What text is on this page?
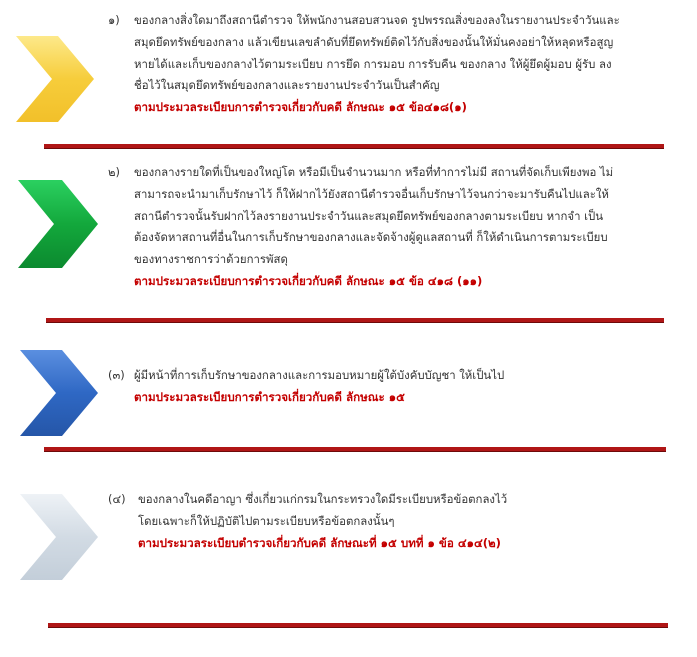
๑) ของกลางสิ่งใดมาถึงสถานีตำรวจ ให้พนักงานสอบสวนจด รูปพรรณสิ่งของลงในรายงานประจำวันและ
สมุดยึดทรัพย์ของกลาง แล้วเขียนเลขลำดับที่ยึดทรัพย์ติดไว้กับสิ่งของนั้นให้มั่นคงอย่าให้หลุดหรือสูญ
หายได้และเก็บของกลางไว้ตามระเบียบ การยึด การมอบ การรับคืน ของกลาง ให้ผู้ยึดผู้มอบ ผู้รับ ลง
ชื่อไว้ในสมุดยึดทรัพย์ของกลางและรายงานประจำวันเป็นสำคัญ
ตามประมวลระเบียบการตำรวจเกี่ยวกับคดี ลักษณะ ๑๕ ข้อ๔๑๘(๑)
๒) ของกลางรายใดที่เป็นของใหญ่โต หรือมีเป็นจำนวนมาก หรือที่ทำการไม่มี สถานที่จัดเก็บเพียงพอ ไม่
สามารถจะนำมาเก็บรักษาไว้ ก็ให้ฝากไว้ยังสถานีตำรวจอื่นเก็บรักษาไว้จนกว่าจะมารับคืนไปและให้
สถานีตำรวจนั้นรับฝากไว้ลงรายงานประจำวันและสมุดยึดทรัพย์ของกลางตามระเบียบ หากจำ เป็น
ต้องจัดหาสถานที่อื่นในการเก็บรักษาของกลางและจัดจ้างผู้ดูแลสถานที่ ก็ให้ดำเนินการตามระเบียบ
ของทางราชการว่าด้วยการพัสดุ
ตามประมวลระเบียบการตำรวจเกี่ยวกับคดี ลักษณะ ๑๕ ข้อ ๔๑๘ (๑๑)
(๓) ผู้มีหน้าที่การเก็บรักษาของกลางและการมอบหมายผู้ใต้บังคับบัญชา ให้เป็นไป
ตามประมวลระเบียบการตำรวจเกี่ยวกับคดี ลักษณะ ๑๕
(๔) ของกลางในคดีอาญา ซึ่งเกี่ยวแก่กรมในกระทรวงใดมีระเบียบหรือข้อตกลงไว้
โดยเฉพาะก็ให้ปฏิบัติไปตามระเบียบหรือข้อตกลงนั้นๆ
ตามประมวลระเบียบตำรวจเกี่ยวกับคดี ลักษณะที่ ๑๕ บทที่ ๑ ข้อ ๔๑๔(๒)
